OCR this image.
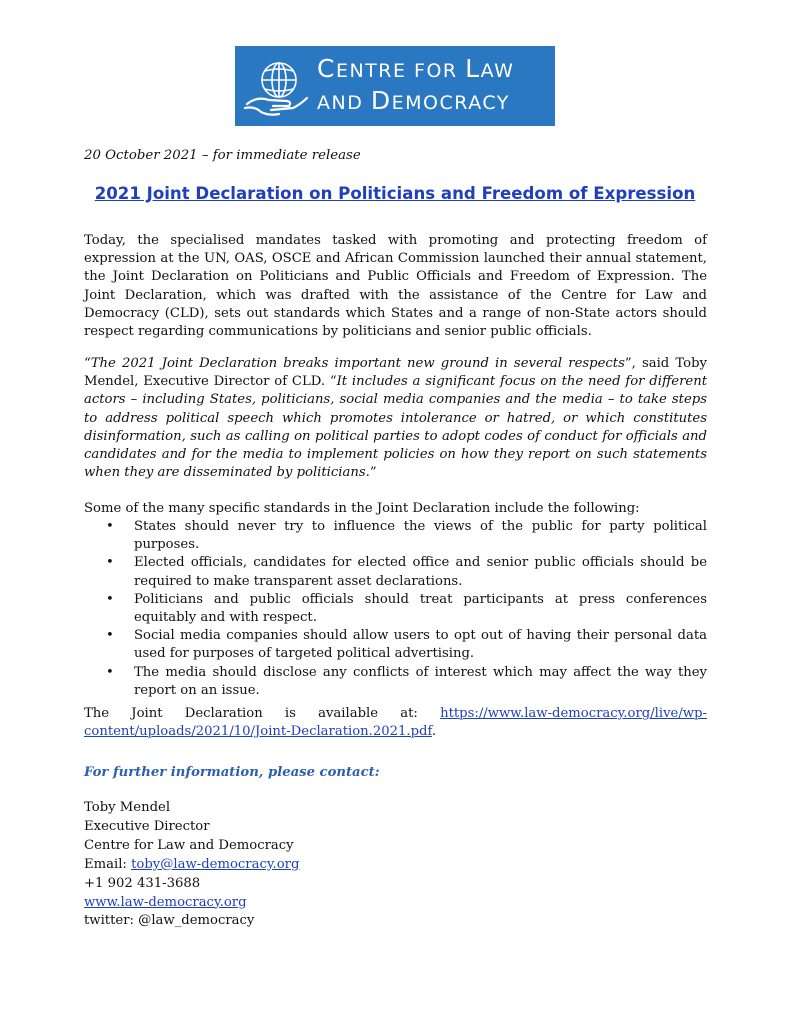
CENTRE FOR LAW
AND DEMOCRACY
20 October 2021 – for immediate release
2021 Joint Declaration on Politicians and Freedom of Expression

Today, the specialised mandates tasked with promoting and protecting freedom of expression at the UN, OAS, OSCE and African Commission launched their annual statement, the Joint Declaration on Politicians and Public Officials and Freedom of Expression. The Joint Declaration, which was drafted with the assistance of the Centre for Law and Democracy (CLD), sets out standards which States and a range of non-State actors should respect regarding communications by politicians and senior public officials.

“The 2021 Joint Declaration breaks important new ground in several respects”, said Toby Mendel, Executive Director of CLD. “It includes a significant focus on the need for different actors – including States, politicians, social media companies and the media – to take steps to address political speech which promotes intolerance or hatred, or which constitutes disinformation, such as calling on political parties to adopt codes of conduct for officials and candidates and for the media to implement policies on how they report on such statements when they are disseminated by politicians.”

Some of the many specific standards in the Joint Declaration include the following:

• States should never try to influence the views of the public for party political purposes.
• Elected officials, candidates for elected office and senior public officials should be required to make transparent asset declarations.
• Politicians and public officials should treat participants at press conferences equitably and with respect.
• Social media companies should allow users to opt out of having their personal data used for purposes of targeted political advertising.
• The media should disclose any conflicts of interest which may affect the way they report on an issue.

The Joint Declaration is available at: https://www.law-democracy.org/live/wp-content/uploads/2021/10/Joint-Declaration.2021.pdf.

For further information, please contact:
Toby Mendel
Executive Director
Centre for Law and Democracy
Email: toby@law-democracy.org
+1 902 431-3688
www.law-democracy.org
twitter: @law_democracy
